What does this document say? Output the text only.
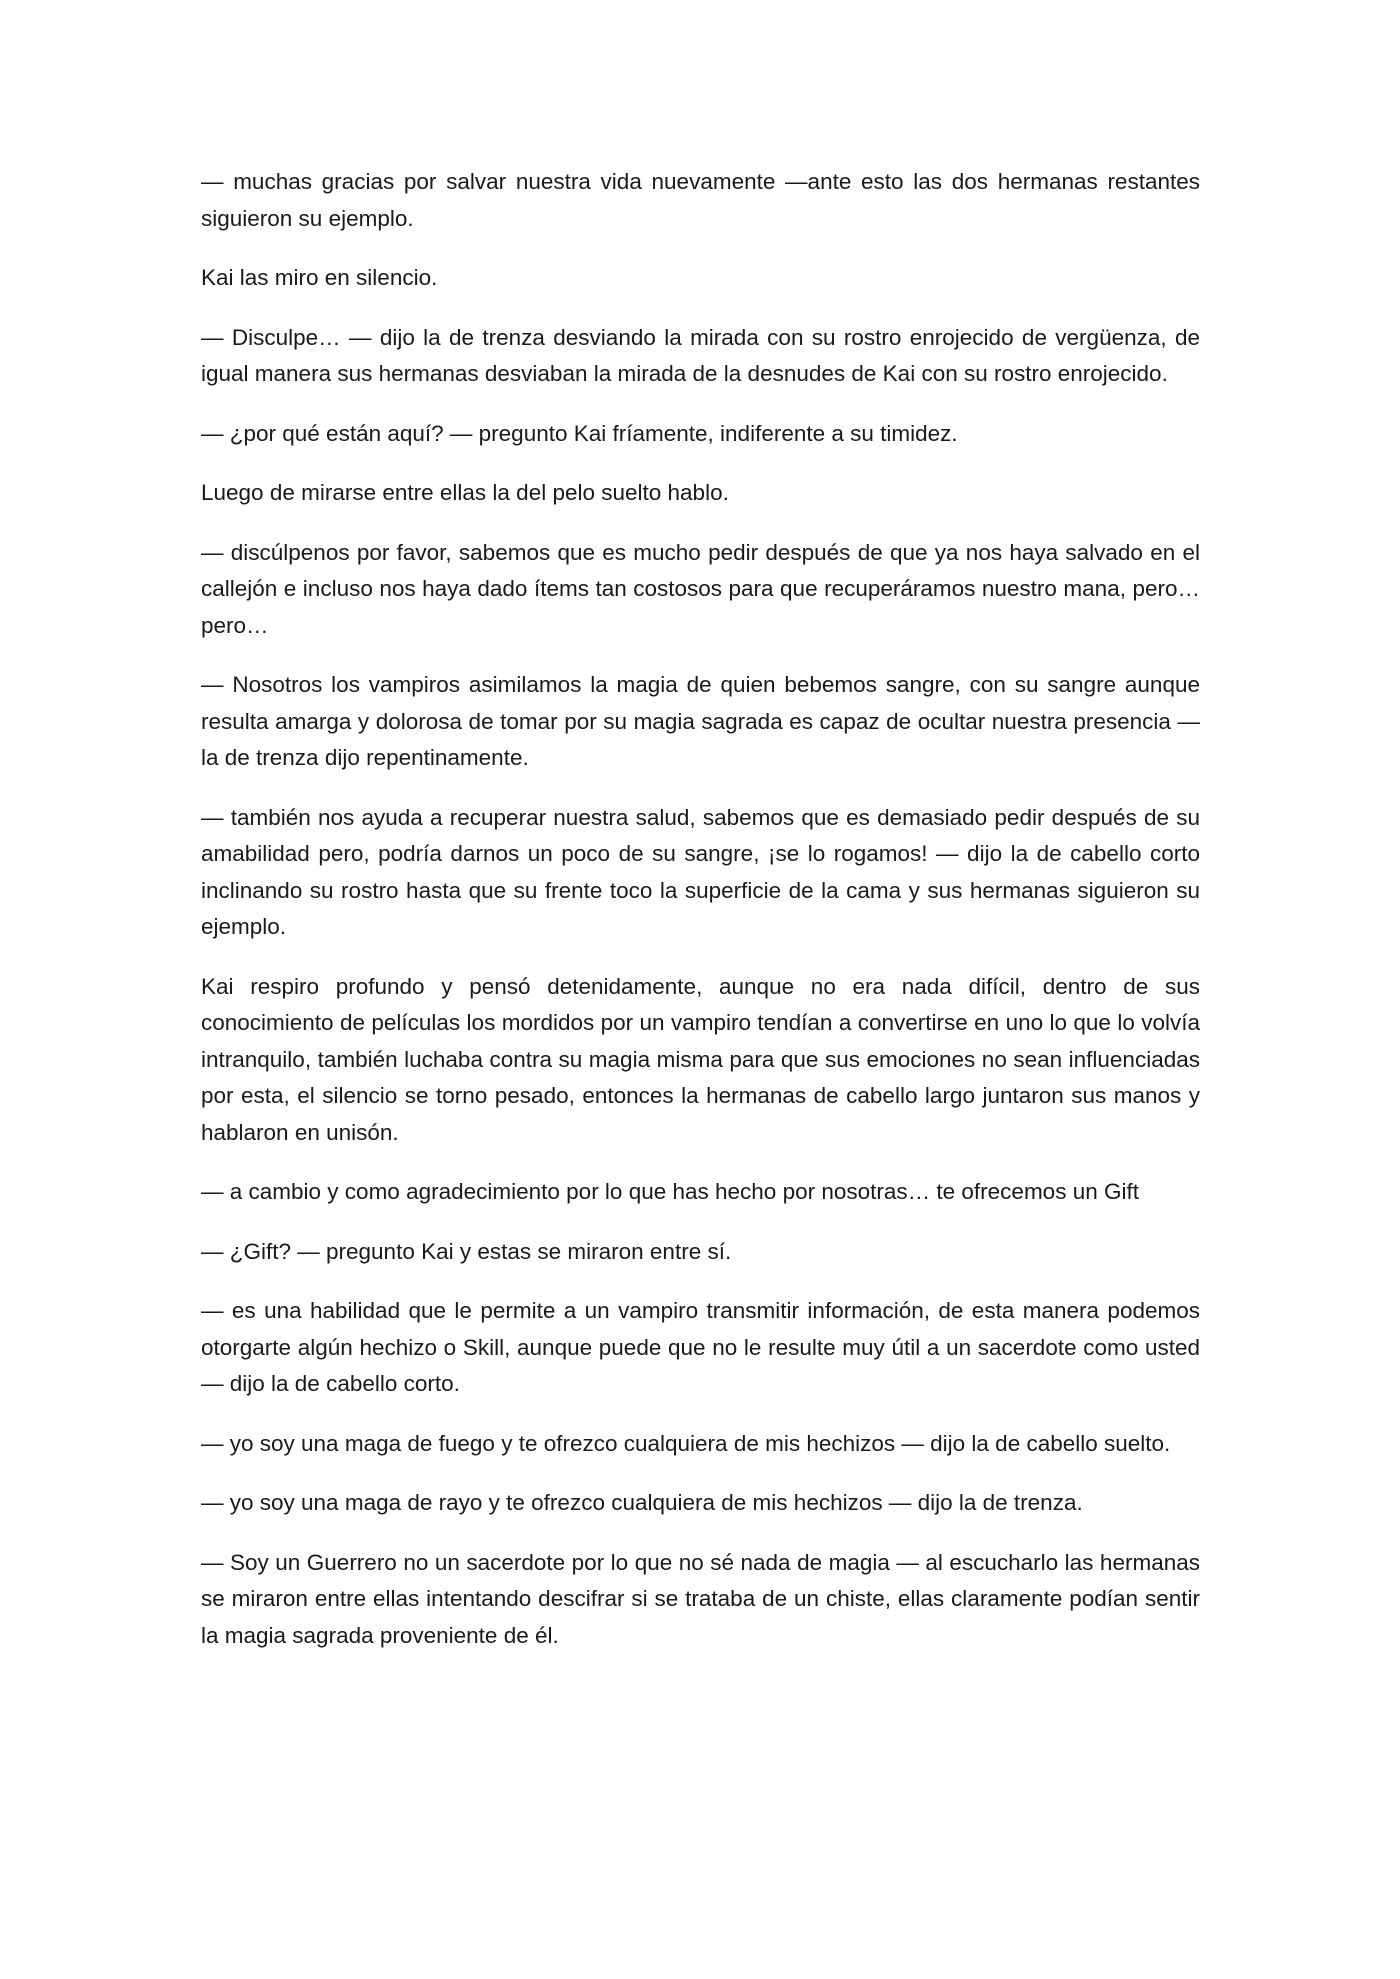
— muchas gracias por salvar nuestra vida nuevamente —ante esto las dos hermanas restantes siguieron su ejemplo.

Kai las miro en silencio.

— Disculpe… — dijo la de trenza desviando la mirada con su rostro enrojecido de vergüenza, de igual manera sus hermanas desviaban la mirada de la desnudes de Kai con su rostro enrojecido.

— ¿por qué están aquí? — pregunto Kai fríamente, indiferente a su timidez.

Luego de mirarse entre ellas la del pelo suelto hablo.

— discúlpenos por favor, sabemos que es mucho pedir después de que ya nos haya salvado en el callejón e incluso nos haya dado ítems tan costosos para que recuperáramos nuestro mana, pero… pero…

— Nosotros los vampiros asimilamos la magia de quien bebemos sangre, con su sangre aunque resulta amarga y dolorosa de tomar por su magia sagrada es capaz de ocultar nuestra presencia — la de trenza dijo repentinamente.

— también nos ayuda a recuperar nuestra salud, sabemos que es demasiado pedir después de su amabilidad pero, podría darnos un poco de su sangre, ¡se lo rogamos! — dijo la de cabello corto inclinando su rostro hasta que su frente toco la superficie de la cama y sus hermanas siguieron su ejemplo.

Kai respiro profundo y pensó detenidamente, aunque no era nada difícil, dentro de sus conocimiento de películas los mordidos por un vampiro tendían a convertirse en uno lo que lo volvía intranquilo, también luchaba contra su magia misma para que sus emociones no sean influenciadas por esta, el silencio se torno pesado, entonces la hermanas de cabello largo juntaron sus manos y hablaron en unisón.

— a cambio y como agradecimiento por lo que has hecho por nosotras… te ofrecemos un Gift

— ¿Gift? — pregunto Kai y estas se miraron entre sí.

— es una habilidad que le permite a un vampiro transmitir información, de esta manera podemos otorgarte algún hechizo o Skill, aunque puede que no le resulte muy útil a un sacerdote como usted— dijo la de cabello corto.

— yo soy una maga de fuego y te ofrezco cualquiera de mis hechizos — dijo la de cabello suelto.

— yo soy una maga de rayo y te ofrezco cualquiera de mis hechizos — dijo la de trenza.

— Soy un Guerrero no un sacerdote por lo que no sé nada de magia — al escucharlo las hermanas se miraron entre ellas intentando descifrar si se trataba de un chiste, ellas claramente podían sentir la magia sagrada proveniente de él.
